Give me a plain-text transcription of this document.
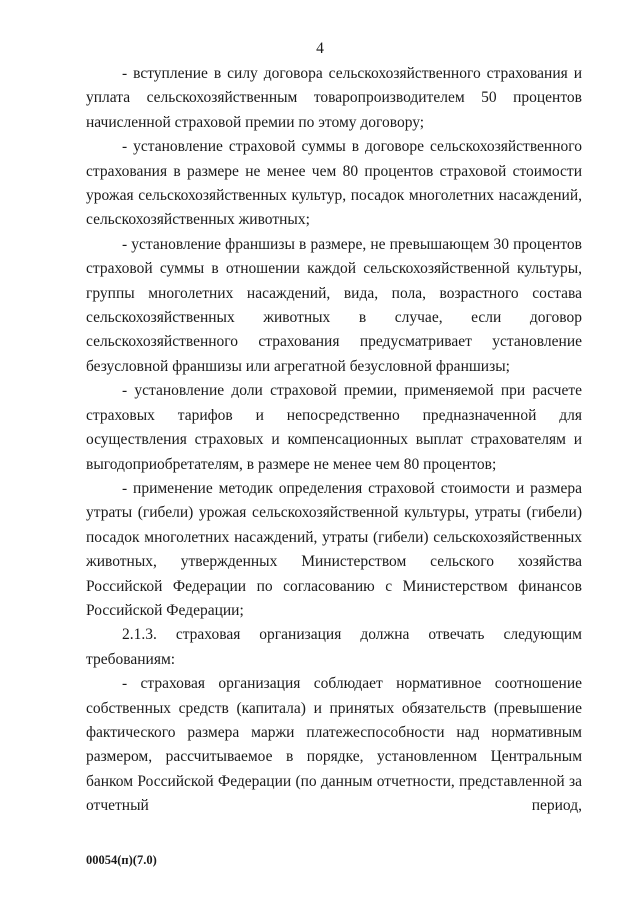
4

- вступление в силу договора сельскохозяйственного страхования и уплата сельскохозяйственным товаропроизводителем 50 процентов начисленной страховой премии по этому договору;

- установление страховой суммы в договоре сельскохозяйственного страхования в размере не менее чем 80 процентов страховой стоимости урожая сельскохозяйственных культур, посадок многолетних насаждений, сельскохозяйственных животных;

- установление франшизы в размере, не превышающем 30 процентов страховой суммы в отношении каждой сельскохозяйственной культуры, группы многолетних насаждений, вида, пола, возрастного состава сельскохозяйственных животных в случае, если договор сельскохозяйственного страхования предусматривает установление безусловной франшизы или агрегатной безусловной франшизы;

- установление доли страховой премии, применяемой при расчете страховых тарифов и непосредственно предназначенной для осуществления страховых и компенсационных выплат страхователям и выгодоприобретателям, в размере не менее чем 80 процентов;

- применение методик определения страховой стоимости и размера утраты (гибели) урожая сельскохозяйственной культуры, утраты (гибели) посадок многолетних насаждений, утраты (гибели) сельскохозяйственных животных, утвержденных Министерством сельского хозяйства Российской Федерации по согласованию с Министерством финансов Российской Федерации;

2.1.3. страховая организация должна отвечать следующим требованиям:

- страховая организация соблюдает нормативное соотношение собственных средств (капитала) и принятых обязательств (превышение фактического размера маржи платежеспособности над нормативным размером, рассчитываемое в порядке, установленном Центральным банком Российской Федерации (по данным отчетности, представленной за отчетный период,

00054(п)(7.0)
